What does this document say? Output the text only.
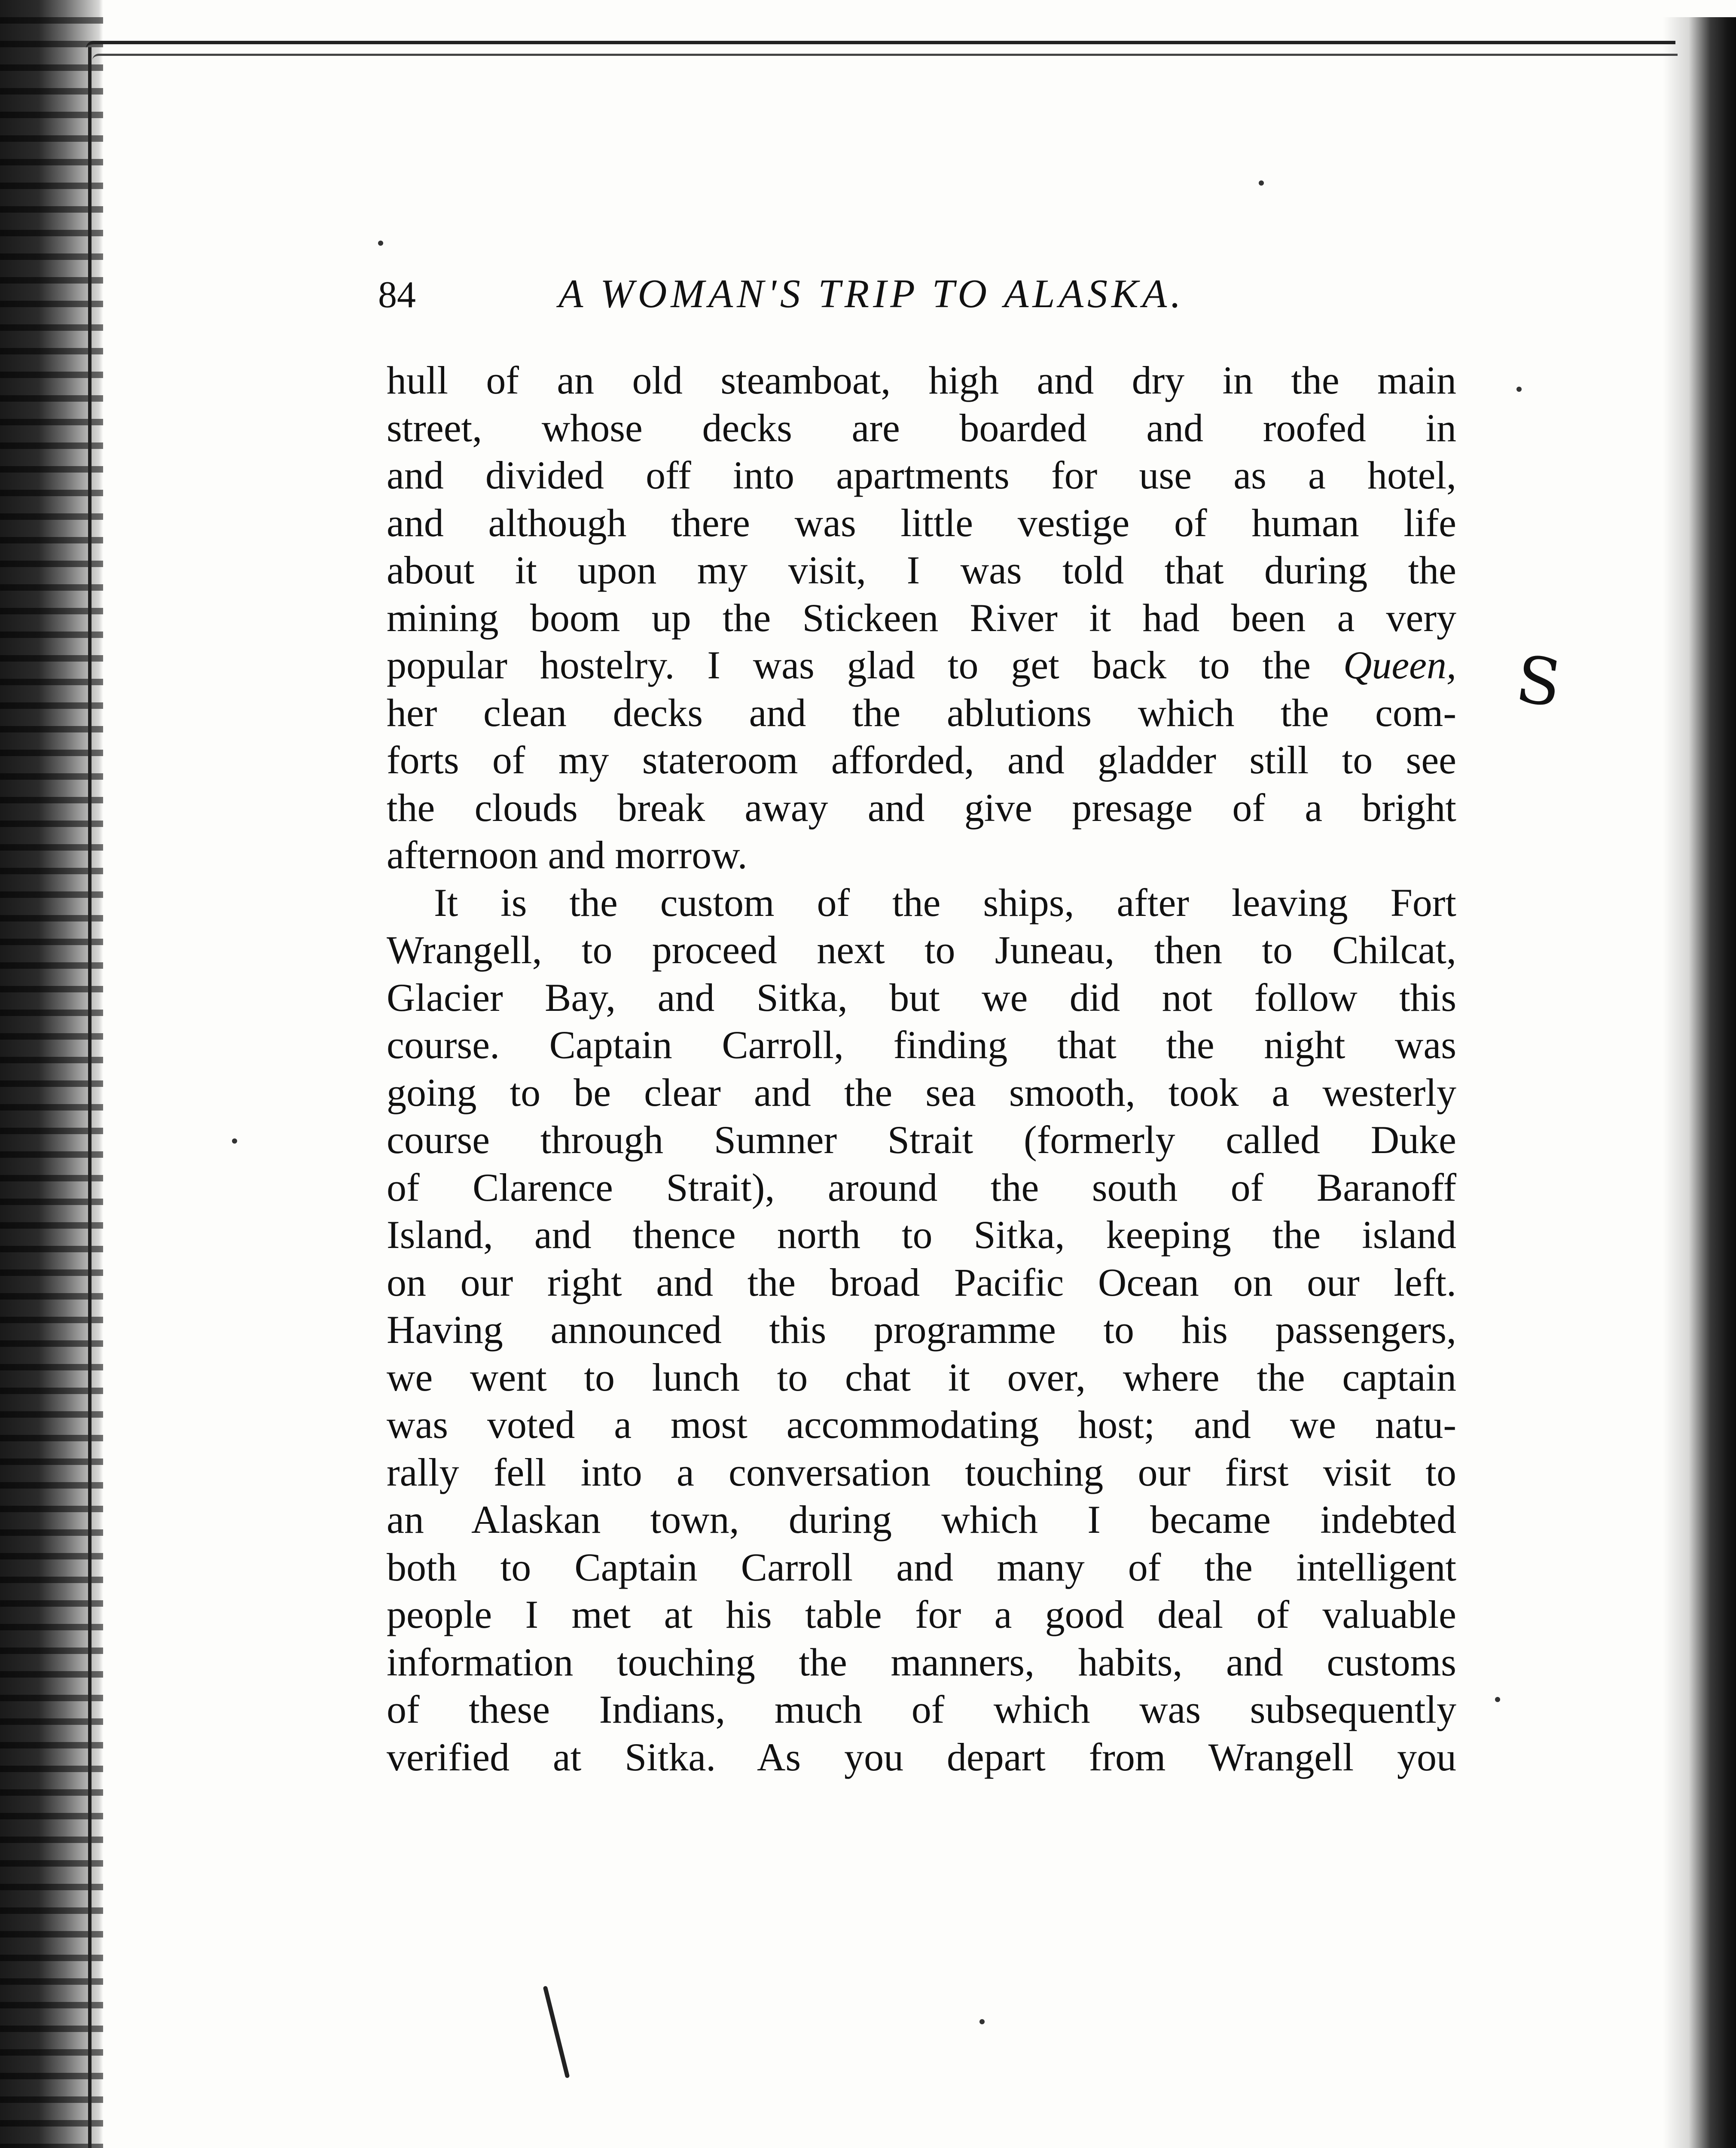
84	A WOMAN'S TRIP TO ALASKA.
hull of an old steamboat, high and dry in the main
street, whose decks are boarded and roofed in
and divided off into apartments for use as a hotel,
and although there was little vestige of human life
about it upon my visit, I was told that during the
mining boom up the Stickeen River it had been a very
popular hostelry. I was glad to get back to the Queen,
her clean decks and the ablutions which the com-
forts of my stateroom afforded, and gladder still to see
the clouds break away and give presage of a bright
afternoon and morrow.
It is the custom of the ships, after leaving Fort
Wrangell, to proceed next to Juneau, then to Chilcat,
Glacier Bay, and Sitka, but we did not follow this
course. Captain Carroll, finding that the night was
going to be clear and the sea smooth, took a westerly
course through Sumner Strait (formerly called Duke
of Clarence Strait), around the south of Baranoff
Island, and thence north to Sitka, keeping the island
on our right and the broad Pacific Ocean on our left.
Having announced this programme to his passengers,
we went to lunch to chat it over, where the captain
was voted a most accommodating host; and we natu-
rally fell into a conversation touching our first visit to
an Alaskan town, during which I became indebted
both to Captain Carroll and many of the intelligent
people I met at his table for a good deal of valuable
information touching the manners, habits, and customs
of these Indians, much of which was subsequently
verified at Sitka. As you depart from Wrangell you
S
